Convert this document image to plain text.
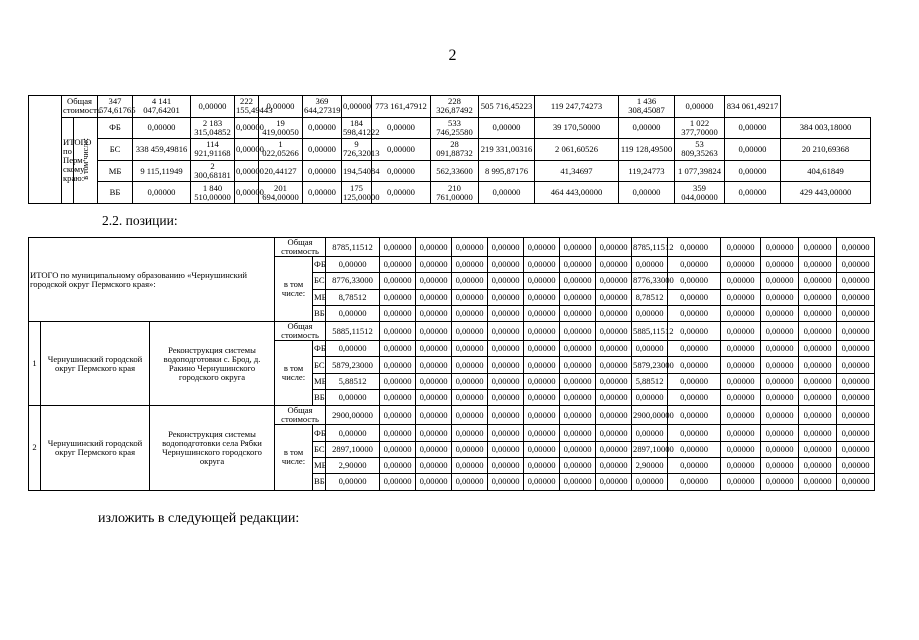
2
	Общая стоимость		347 574,61765	4 141 047,64201	0,00000	222 155,49443	0,00000	369 644,27319	0,00000	773 161,47912	228 326,87492	505 716,45223	119 247,74273	1 436 308,45087	0,00000	834 061,49217	
	ИТОГО по Перм-скому краю:	в том числе:	ФБ	0,00000	2 183 315,04852	0,00000	19 419,00050	0,00000	184 598,41222	0,00000	533 746,25580	0,00000	39 170,50000	0,00000	1 022 377,70000	0,00000	384 003,18000
			БС	338 459,49816	114 921,91168	0,00000	1 022,05266	0,00000	9 726,32013	0,00000	28 091,88732	219 331,00316	2 061,60526	119 128,49500	53 809,35263	0,00000	20 210,69368
			МБ	9 115,11949	2 300,68181	0,00000	20,44127	0,00000	194,54084	0,00000	562,33600	8 995,87176	41,34697	119,24773	1 077,39824	0,00000	404,61849
			ВБ	0,00000	1 840 510,00000	0,00000	201 694,00000	0,00000	175 125,00000	0,00000	210 761,00000	0,00000	464 443,00000	0,00000	359 044,00000	0,00000	429 443,00000
2.2. позиции:
ИТОГО по муниципальному образованию «Чернушинский городской округ Пермского края»:			Общая стоимость		8785,11512	0,00000	0,00000	0,00000	0,00000	0,00000	0,00000	0,00000	8785,11512	0,00000	0,00000	0,00000	0,00000	0,00000
			в том числе:	ФБ	0,00000	0,00000	0,00000	0,00000	0,00000	0,00000	0,00000	0,00000	0,00000	0,00000	0,00000	0,00000	0,00000	0,00000
				БС	8776,33000	0,00000	0,00000	0,00000	0,00000	0,00000	0,00000	0,00000	8776,33000	0,00000	0,00000	0,00000	0,00000	0,00000
				МБ	8,78512	0,00000	0,00000	0,00000	0,00000	0,00000	0,00000	0,00000	8,78512	0,00000	0,00000	0,00000	0,00000	0,00000
				ВБ	0,00000	0,00000	0,00000	0,00000	0,00000	0,00000	0,00000	0,00000	0,00000	0,00000	0,00000	0,00000	0,00000	0,00000
1	Чернушинский городской округ Пермского края	Реконструкция системы водоподготовки с. Брод, д. Ракино Чернушинского городского округа	Общая стоимость		5885,11512	0,00000	0,00000	0,00000	0,00000	0,00000	0,00000	0,00000	5885,11512	0,00000	0,00000	0,00000	0,00000	0,00000
			в том числе:	ФБ	0,00000	0,00000	0,00000	0,00000	0,00000	0,00000	0,00000	0,00000	0,00000	0,00000	0,00000	0,00000	0,00000	0,00000
				БС	5879,23000	0,00000	0,00000	0,00000	0,00000	0,00000	0,00000	0,00000	5879,23000	0,00000	0,00000	0,00000	0,00000	0,00000
				МБ	5,88512	0,00000	0,00000	0,00000	0,00000	0,00000	0,00000	0,00000	5,88512	0,00000	0,00000	0,00000	0,00000	0,00000
				ВБ	0,00000	0,00000	0,00000	0,00000	0,00000	0,00000	0,00000	0,00000	0,00000	0,00000	0,00000	0,00000	0,00000	0,00000
2	Чернушинский городской округ Пермского края	Реконструкция системы водоподготовки села Рябки Чернушинского городского округа	Общая стоимость		2900,00000	0,00000	0,00000	0,00000	0,00000	0,00000	0,00000	0,00000	2900,00000	0,00000	0,00000	0,00000	0,00000	0,00000
			в том числе:	ФБ	0,00000	0,00000	0,00000	0,00000	0,00000	0,00000	0,00000	0,00000	0,00000	0,00000	0,00000	0,00000	0,00000	0,00000
				БС	2897,10000	0,00000	0,00000	0,00000	0,00000	0,00000	0,00000	0,00000	2897,10000	0,00000	0,00000	0,00000	0,00000	0,00000
				МБ	2,90000	0,00000	0,00000	0,00000	0,00000	0,00000	0,00000	0,00000	2,90000	0,00000	0,00000	0,00000	0,00000	0,00000
				ВБ	0,00000	0,00000	0,00000	0,00000	0,00000	0,00000	0,00000	0,00000	0,00000	0,00000	0,00000	0,00000	0,00000	0,00000
изложить в следующей редакции:
